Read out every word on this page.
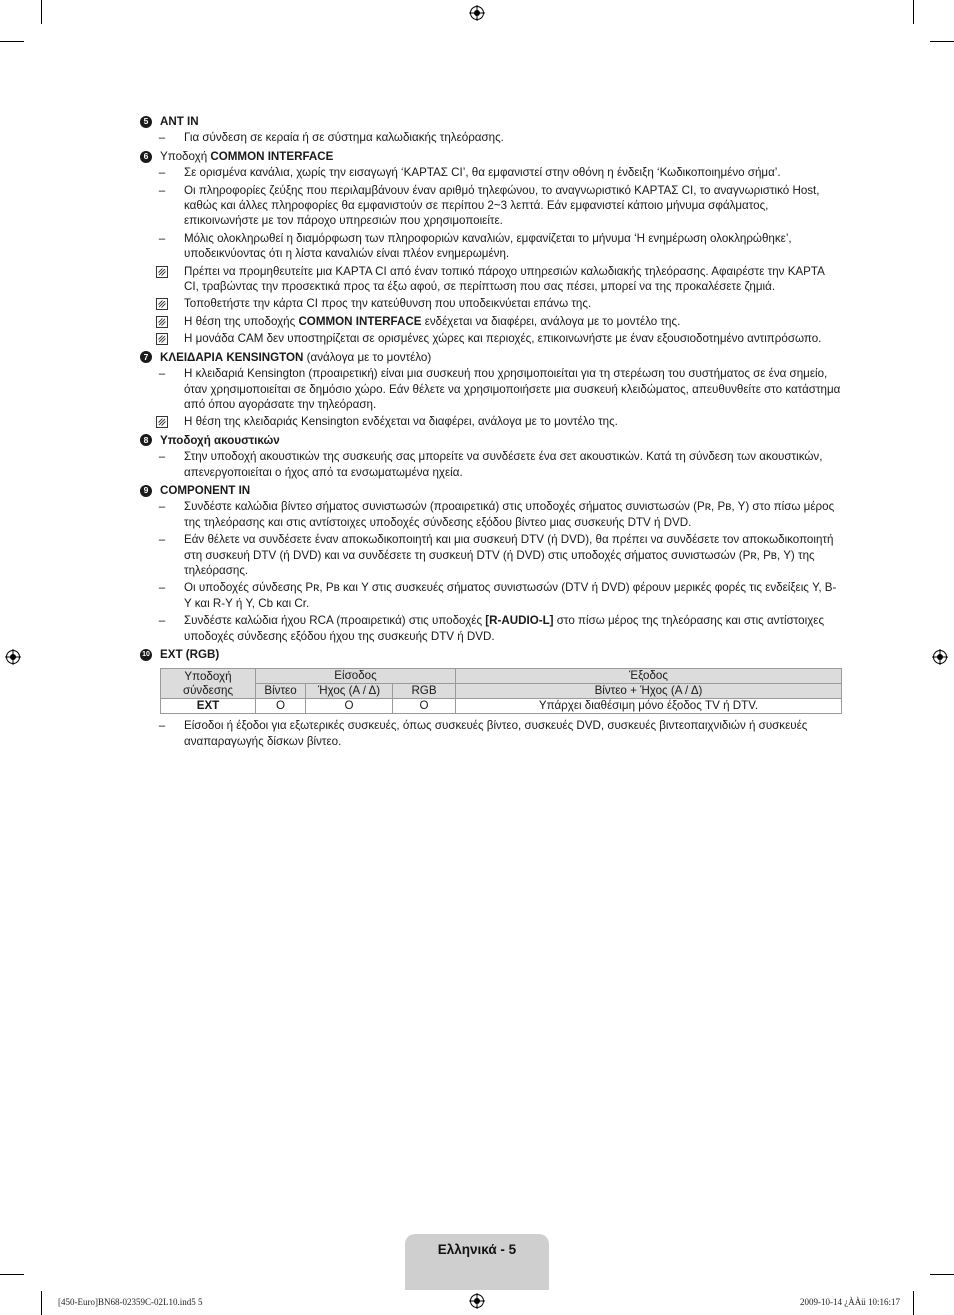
5	ANT IN
–	Για σύνδεση σε κεραία ή σε σύστημα καλωδιακής τηλεόρασης.
6	Υποδοχή COMMON INTERFACE
–	Σε ορισμένα κανάλια, χωρίς την εισαγωγή ‘ΚΑΡΤΑΣ CI’, θα εμφανιστεί στην οθόνη η ένδειξη ‘Κωδικοποιημένο σήμα’.
–	Οι πληροφορίες ζεύξης που περιλαμβάνουν έναν αριθμό τηλεφώνου, το αναγνωριστικό ΚΑΡΤΑΣ CI, το αναγνωριστικό Host, καθώς και άλλες πληροφορίες θα εμφανιστούν σε περίπου 2~3 λεπτά. Εάν εμφανιστεί κάποιο μήνυμα σφάλματος, επικοινωνήστε με τον πάροχο υπηρεσιών που χρησιμοποιείτε.
–	Μόλις ολοκληρωθεί η διαμόρφωση των πληροφοριών καναλιών, εμφανίζεται το μήνυμα ‘Η ενημέρωση ολοκληρώθηκε’, υποδεικνύοντας ότι η λίστα καναλιών είναι πλέον ενημερωμένη.
Πρέπει να προμηθευτείτε μια ΚΑΡΤΑ CI από έναν τοπικό πάροχο υπηρεσιών καλωδιακής τηλεόρασης. Αφαιρέστε την ΚΑΡΤΑ CI, τραβώντας την προσεκτικά προς τα έξω αφού, σε περίπτωση που σας πέσει, μπορεί να της προκαλέσετε ζημιά.
Τοποθετήστε την κάρτα CI προς την κατεύθυνση που υποδεικνύεται επάνω της.
Η θέση της υποδοχής COMMON INTERFACE ενδέχεται να διαφέρει, ανάλογα με το μοντέλο της.
Η μονάδα CAM δεν υποστηρίζεται σε ορισμένες χώρες και περιοχές, επικοινωνήστε με έναν εξουσιοδοτημένο αντιπρόσωπο.
7	ΚΛΕΙΔΑΡΙΑ KENSINGTON (ανάλογα με το μοντέλο)
–	Η κλειδαριά Kensington (προαιρετική) είναι μια συσκευή που χρησιμοποιείται για τη στερέωση του συστήματος σε ένα σημείο, όταν χρησιμοποιείται σε δημόσιο χώρο. Εάν θέλετε να χρησιμοποιήσετε μια συσκευή κλειδώματος, απευθυνθείτε στο κατάστημα από όπου αγοράσατε την τηλεόραση.
Η θέση της κλειδαριάς Kensington ενδέχεται να διαφέρει, ανάλογα με το μοντέλο της.
8	Υποδοχή ακουστικών
–	Στην υποδοχή ακουστικών της συσκευής σας μπορείτε να συνδέσετε ένα σετ ακουστικών. Κατά τη σύνδεση των ακουστικών, απενεργοποιείται ο ήχος από τα ενσωματωμένα ηχεία.
9	COMPONENT IN
–	Συνδέστε καλώδια βίντεο σήματος συνιστωσών (προαιρετικά) στις υποδοχές σήματος συνιστωσών (Pʀ, Pʙ, Y) στο πίσω μέρος της τηλεόρασης και στις αντίστοιχες υποδοχές σύνδεσης εξόδου βίντεο μιας συσκευής DTV ή DVD.
–	Εάν θέλετε να συνδέσετε έναν αποκωδικοποιητή και μια συσκευή DTV (ή DVD), θα πρέπει να συνδέσετε τον αποκωδικοποιητή στη συσκευή DTV (ή DVD) και να συνδέσετε τη συσκευή DTV (ή DVD) στις υποδοχές σήματος συνιστωσών (Pʀ, Pʙ, Y) της τηλεόρασης.
–	Οι υποδοχές σύνδεσης Pʀ, Pʙ και Y στις συσκευές σήματος συνιστωσών (DTV ή DVD) φέρουν μερικές φορές τις ενδείξεις Y, B-Y και R-Y ή Y, Cb και Cr.
–	Συνδέστε καλώδια ήχου RCA (προαιρετικά) στις υποδοχές [R-AUDIO-L] στο πίσω μέρος της τηλεόρασης και στις αντίστοιχες υποδοχές σύνδεσης εξόδου ήχου της συσκευής DTV ή DVD.
10 EXT (RGB)
Υποδοχή σύνδεσης	Είσοδος			Έξοδος
	Βίντεο	Ήχος (Α / Δ)	RGB	Βίντεο + Ήχος (Α / Δ)
EXT	O	O	O	Υπάρχει διαθέσιμη μόνο έξοδος TV ή DTV.
–	Είσοδοι ή έξοδοι για εξωτερικές συσκευές, όπως συσκευές βίντεο, συσκευές DVD, συσκευές βιντεοπαιχνιδιών ή συσκευές αναπαραγωγής δίσκων βίντεο.
Ελληνικά - 5
[450-Euro]BN68-02359C-02L10.ind5 5	2009-10-14 ¿ÀÀü 10:16:17
